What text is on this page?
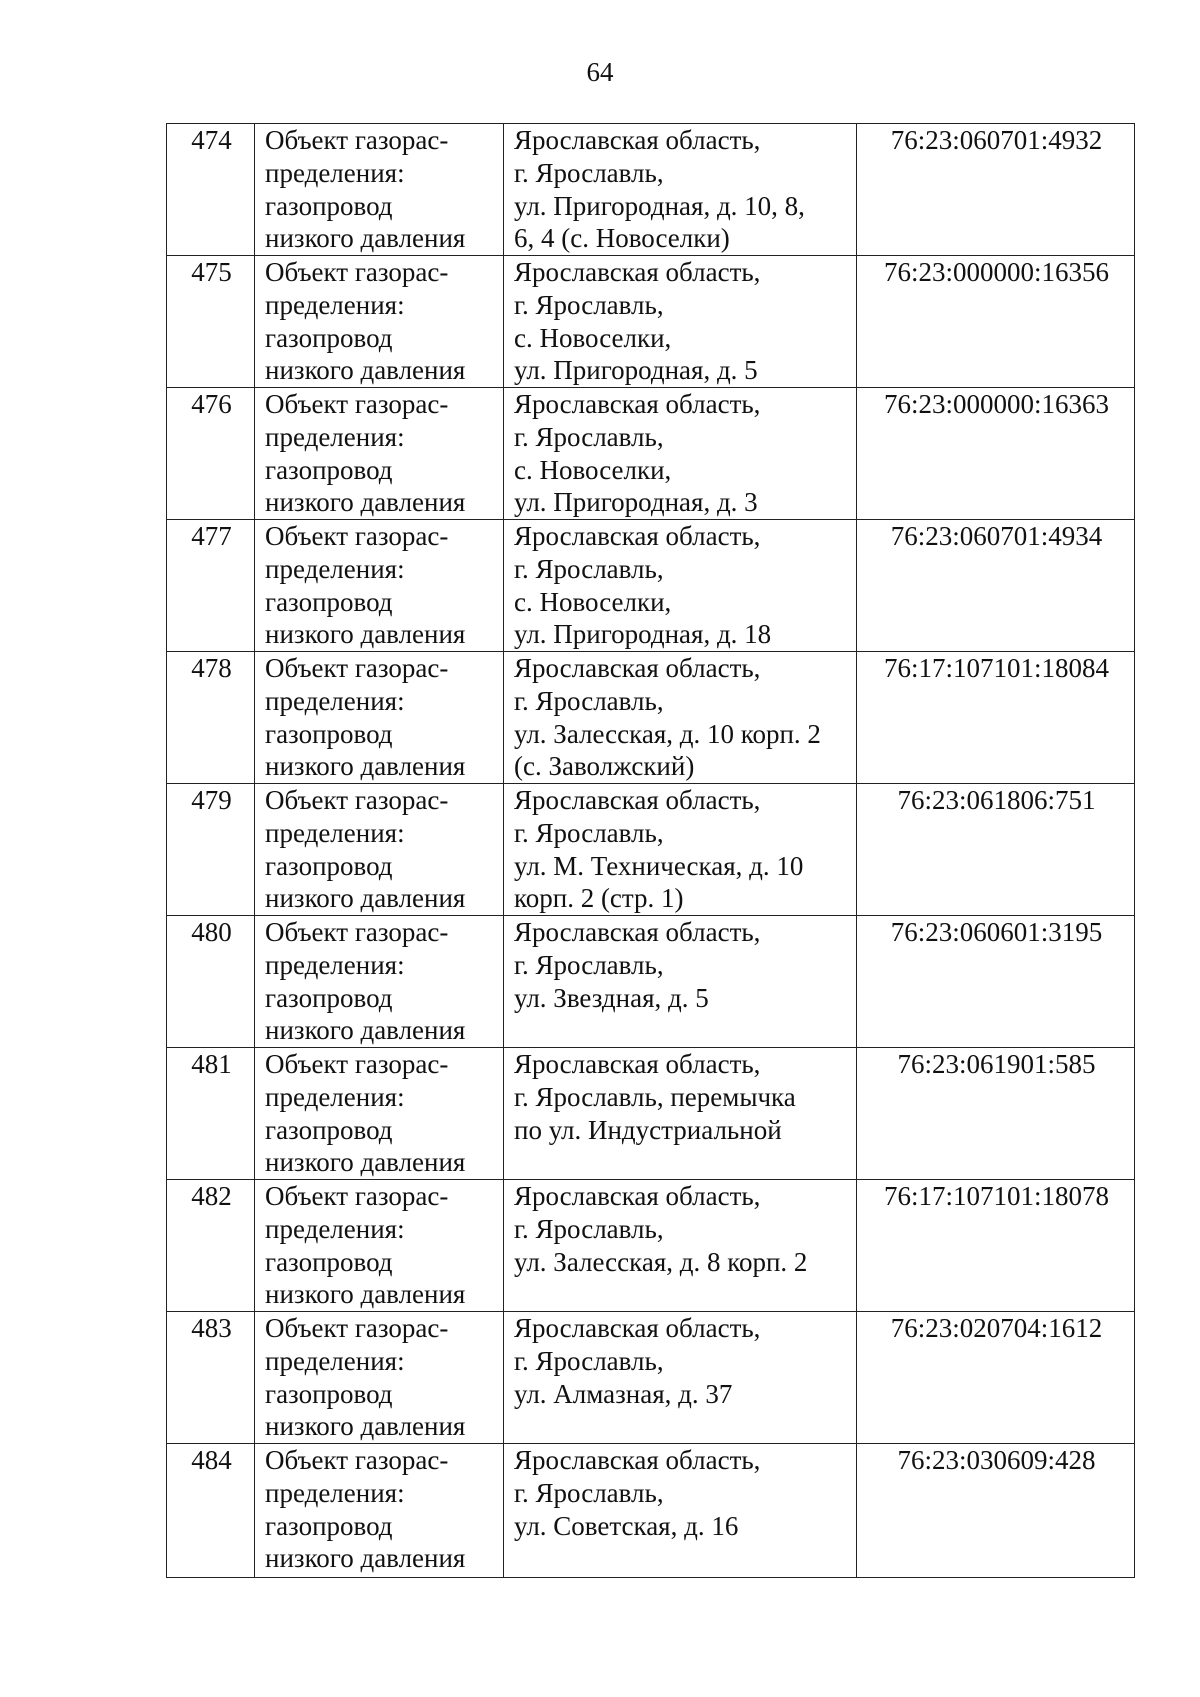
64
474	Объект газорас-
пределения:
газопровод
низкого давления	Ярославская область,
г. Ярославль,
ул. Пригородная, д. 10, 8,
6, 4 (с. Новоселки)	76:23:060701:4932
475	Объект газорас-
пределения:
газопровод
низкого давления	Ярославская область,
г. Ярославль,
с. Новоселки,
ул. Пригородная, д. 5	76:23:000000:16356
476	Объект газорас-
пределения:
газопровод
низкого давления	Ярославская область,
г. Ярославль,
с. Новоселки,
ул. Пригородная, д. 3	76:23:000000:16363
477	Объект газорас-
пределения:
газопровод
низкого давления	Ярославская область,
г. Ярославль,
с. Новоселки,
ул. Пригородная, д. 18	76:23:060701:4934
478	Объект газорас-
пределения:
газопровод
низкого давления	Ярославская область,
г. Ярославль,
ул. Залесская, д. 10 корп. 2
(с. Заволжский)	76:17:107101:18084
479	Объект газорас-
пределения:
газопровод
низкого давления	Ярославская область,
г. Ярославль,
ул. М. Техническая, д. 10
корп. 2 (стр. 1)	76:23:061806:751
480	Объект газорас-
пределения:
газопровод
низкого давления	Ярославская область,
г. Ярославль,
ул. Звездная, д. 5	76:23:060601:3195
481	Объект газорас-
пределения:
газопровод
низкого давления	Ярославская область,
г. Ярославль, перемычка
по ул. Индустриальной	76:23:061901:585
482	Объект газорас-
пределения:
газопровод
низкого давления	Ярославская область,
г. Ярославль,
ул. Залесская, д. 8 корп. 2	76:17:107101:18078
483	Объект газорас-
пределения:
газопровод
низкого давления	Ярославская область,
г. Ярославль,
ул. Алмазная, д. 37	76:23:020704:1612
484	Объект газорас-
пределения:
газопровод
низкого давления	Ярославская область,
г. Ярославль,
ул. Советская, д. 16	76:23:030609:428
